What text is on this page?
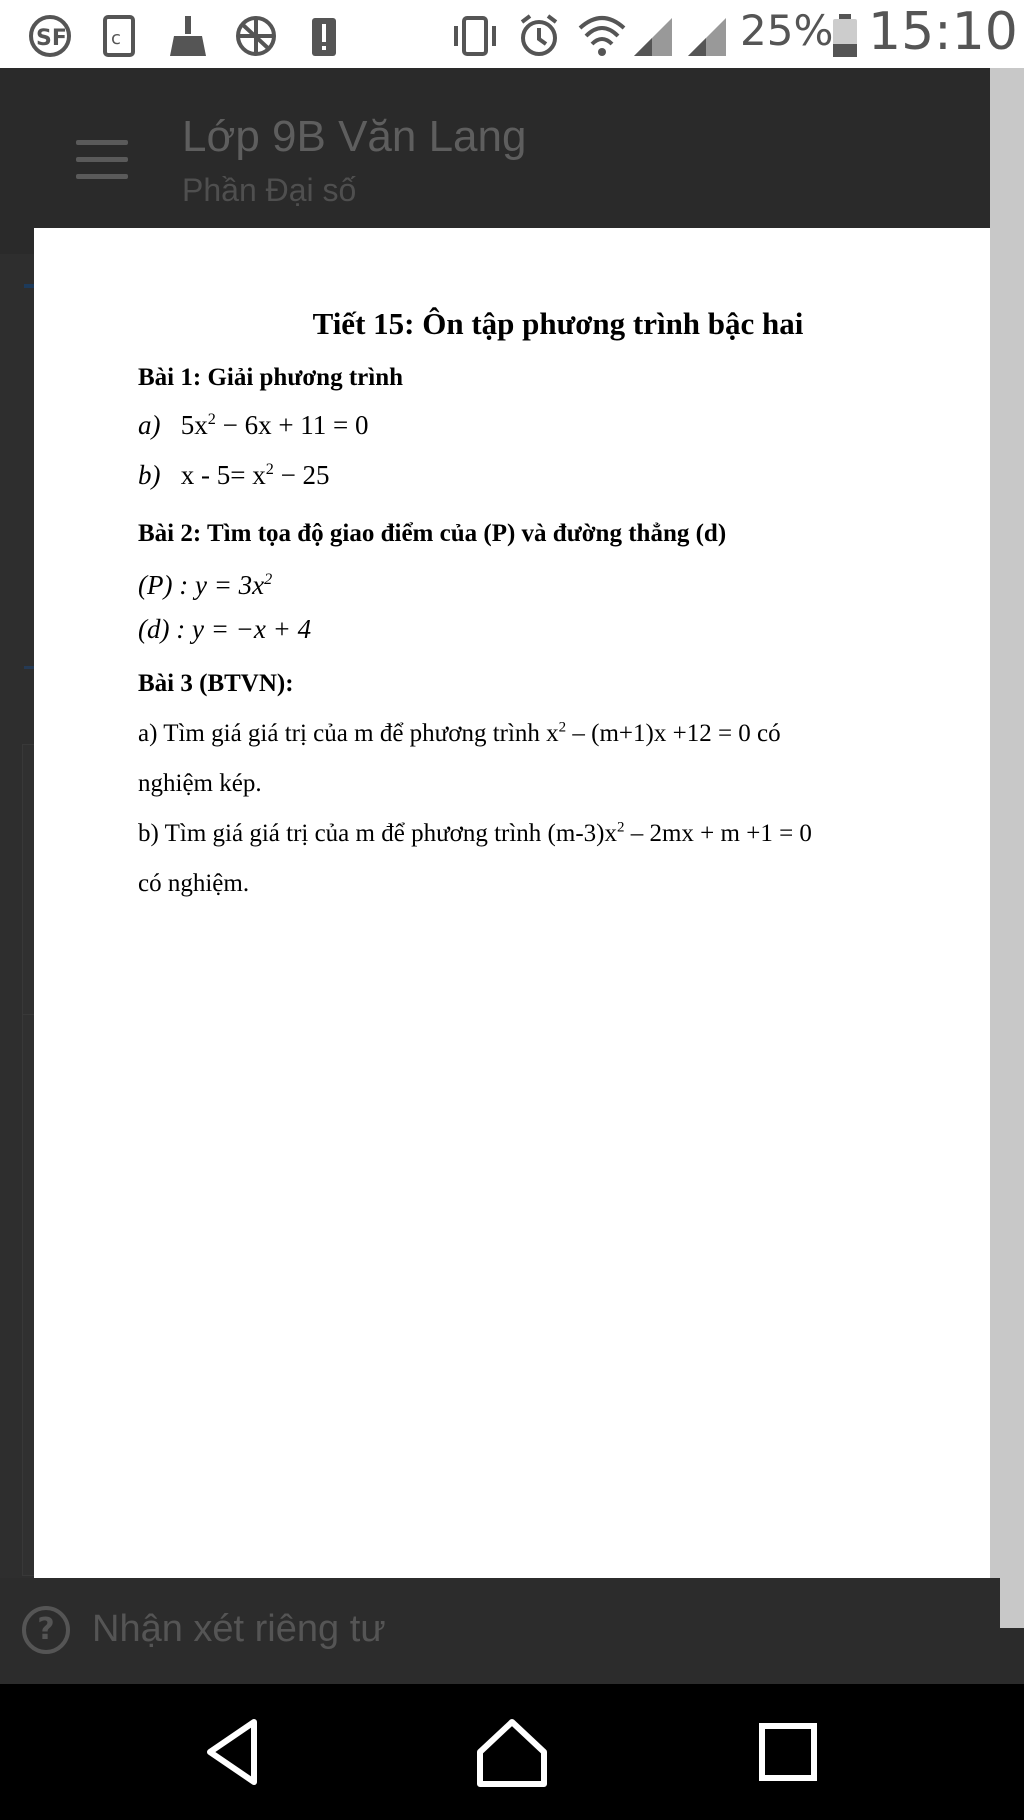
SF c	25% 15:10
Lớp 9B Văn Lang
Phần Đại số
Tiết 15: Ôn tập phương trình bậc hai
Bài 1: Giải phương trình
a) $5x^2 - 6x + 11 = 0$
b) $x - 5= x^2 - 25$
Bài 2: Tìm tọa độ giao điểm của (P) và đường thẳng (d)
(P) : $y = 3x^2$
(d) : y = −x + 4
Bài 3 (BTVN):
a) Tìm giá giá trị của m để phương trình $x^2 - (m+1)x +12 = 0$ có
nghiệm kép.
b) Tìm giá giá trị của m để phương trình $(m-3)x^2 - 2mx + m +1 = 0$
có nghiệm.
? Nhận xét riêng tư
